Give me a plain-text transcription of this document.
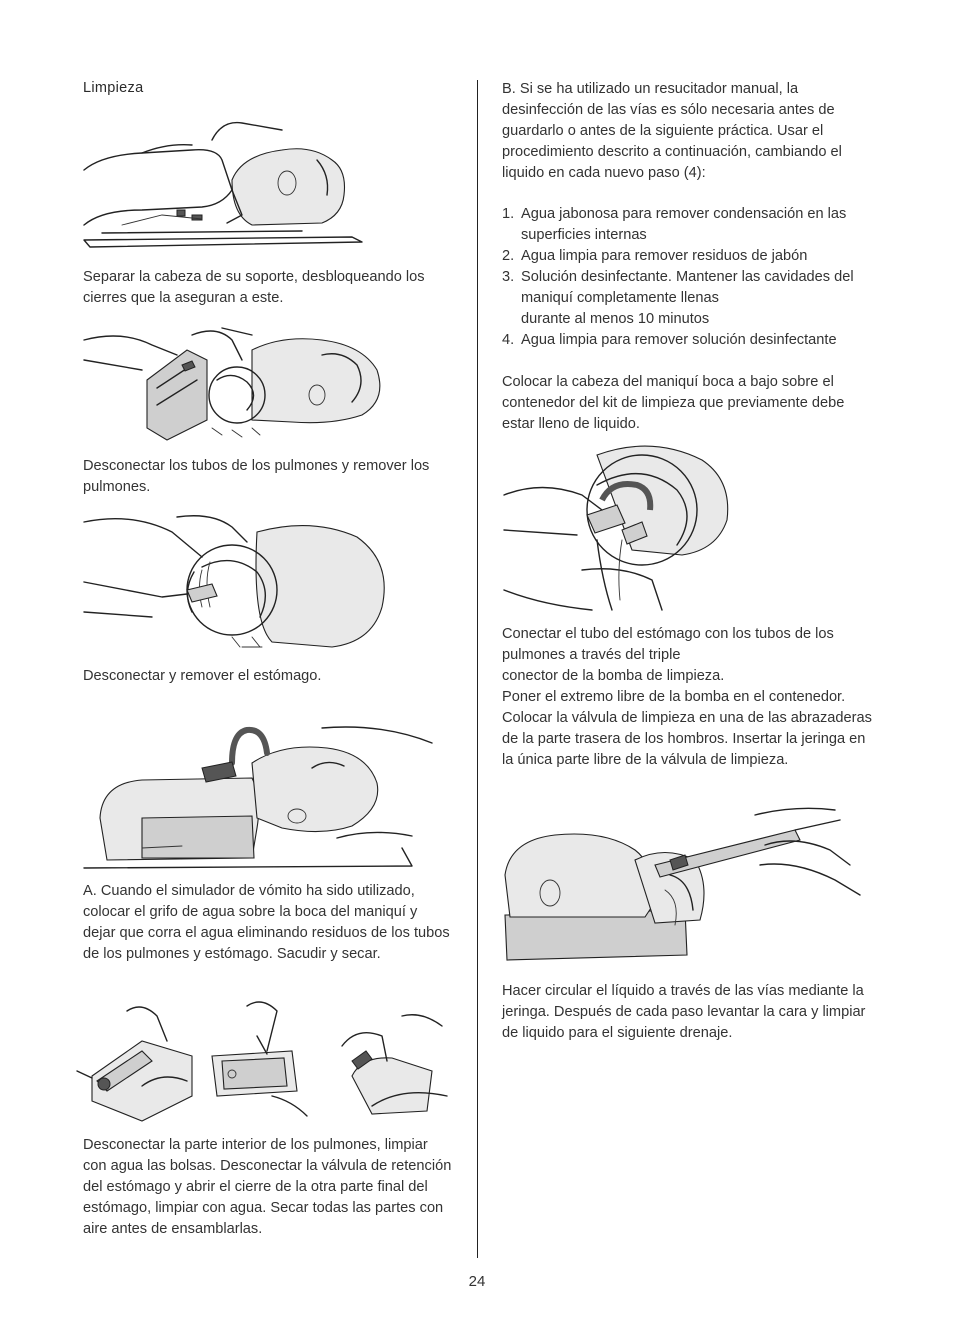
Limpieza
Separar la cabeza de su soporte, desbloqueando los cierres que la aseguran a este.
Desconectar los tubos de los pulmones y remover los pulmones.
Desconectar y remover el estómago.
A. Cuando el simulador de vómito ha sido utilizado, colocar el grifo de agua sobre la boca del maniquí y dejar que corra el agua eliminando residuos de los tubos de los pulmones y estómago. Sacudir y secar.
Desconectar la parte interior de los pulmones, limpiar con agua las bolsas. Desconectar la válvula de retención del estómago y abrir el cierre de la otra parte final del estómago, limpiar con agua. Secar todas las partes con aire antes de ensamblarlas.
B. Si se ha utilizado un resucitador manual, la desinfección de las vías es sólo necesaria antes de guardarlo o antes de la siguiente práctica. Usar el procedimiento descrito a continuación, cambiando el liquido en cada nuevo paso (4):
1. Agua jabonosa para remover condensación en las superficies internas
2. Agua limpia para remover residuos de jabón
3. Solución desinfectante. Mantener las cavidades del maniquí completamente llenas
durante al menos 10 minutos
4. Agua limpia para remover solución desinfectante
Colocar la cabeza del maniquí boca a bajo sobre el contenedor del kit de limpieza que previamente debe estar lleno de liquido.
Conectar el tubo del estómago con los tubos de los pulmones a través del triple
conector de la bomba de limpieza.
Poner el extremo libre de la bomba en el contenedor. Colocar la válvula de limpieza en una de las abrazaderas de la parte trasera de los hombros. Insertar la jeringa en la única parte libre de la válvula de limpieza.
Hacer circular el líquido a través de las vías mediante la jeringa. Después de cada paso levantar la cara y limpiar de liquido para el siguiente drenaje.
24
